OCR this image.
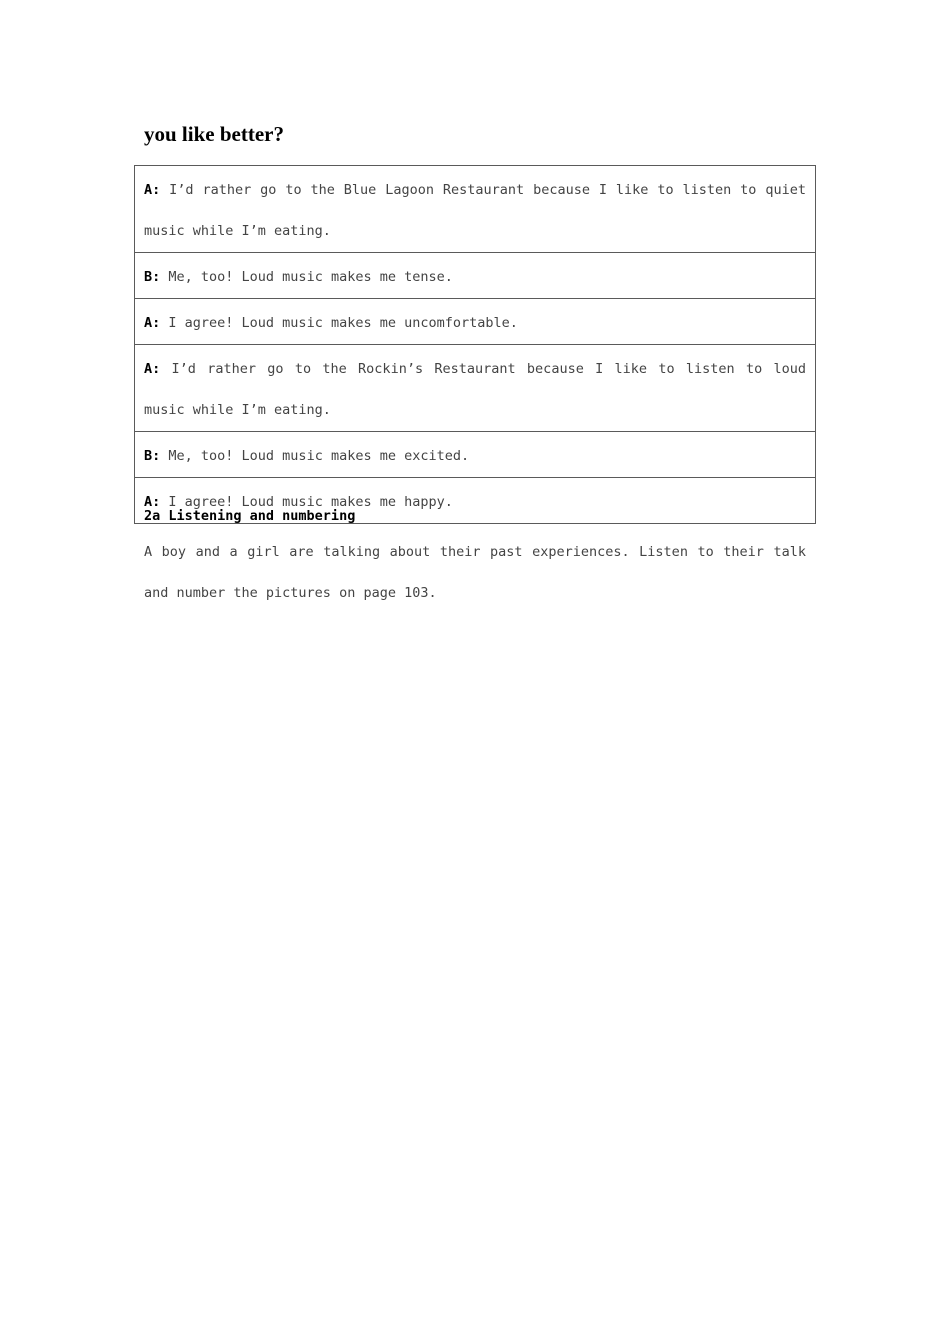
you like better?
A: I’d rather go to the Blue Lagoon Restaurant because I like to listen to quiet music while I’m eating.
B: Me, too! Loud music makes me tense.
A: I agree! Loud music makes me uncomfortable.
A: I’d rather go to the Rockin’s Restaurant because I like to listen to loud music while I’m eating.
B: Me, too! Loud music makes me excited.
A: I agree! Loud music makes me happy.
2a Listening and numbering

A boy and a girl are talking about their past experiences. Listen to their talk and number the pictures on page 103.
